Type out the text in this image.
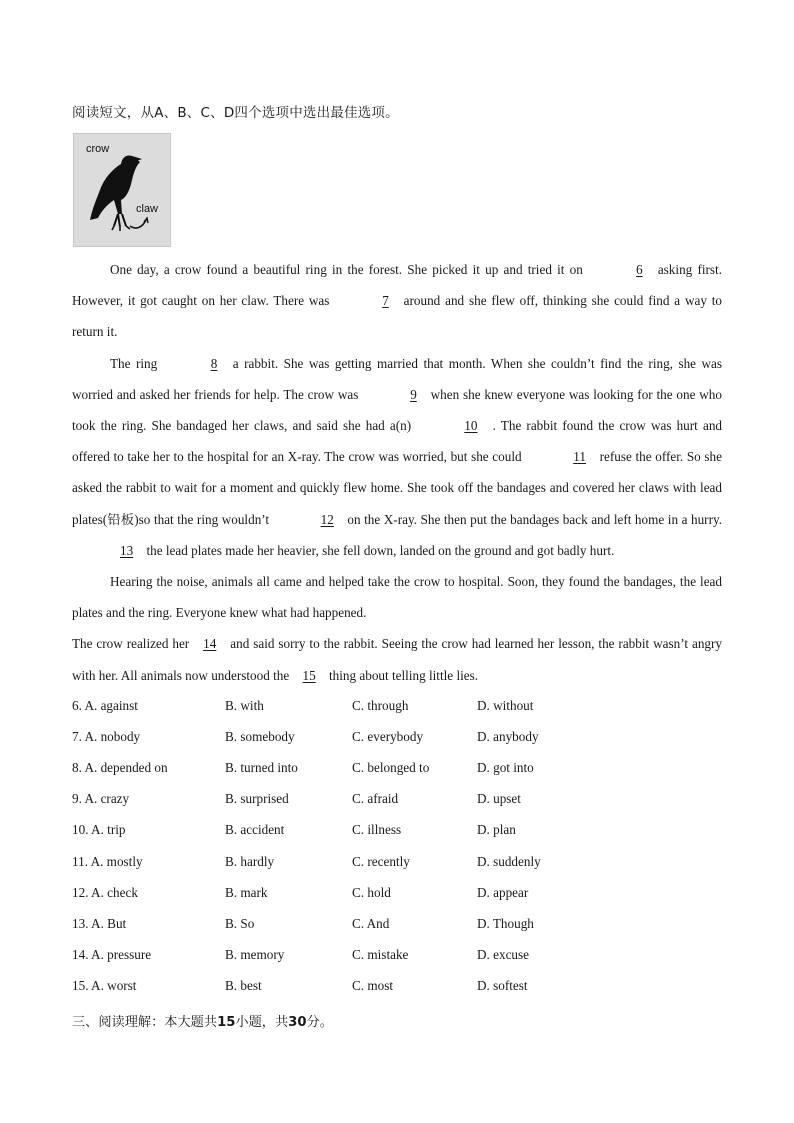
阅读短文，从A、B、C、D四个选项中选出最佳选项。
crow
claw

One day, a crow found a beautiful ring in the forest. She picked it up and tried it on	6 asking first. However, it got caught on her claw. There was	7 around and she flew off, thinking she could find a way to return it.

The ring	8 a rabbit. She was getting married that month. When she couldn’t find the ring, she was worried and asked her friends for help. The crow was	9 when she knew everyone was looking for the one who took the ring. She bandaged her claws, and said she had a(n)	10 . The rabbit found the crow was hurt and offered to take her to the hospital for an X-ray. The crow was worried, but she could	11 refuse the offer. So she asked the rabbit to wait for a moment and quickly flew home. She took off the bandages and covered her claws with lead plates(铅板)so that the ring wouldn’t	12 on the X-ray. She then put the bandages back and left home in a hurry. 13 the lead plates made her heavier, she fell down, landed on the ground and got badly hurt.

Hearing the noise, animals all came and helped take the crow to hospital. Soon, they found the bandages, the lead plates and the ring. Everyone knew what had happened.

The crow realized her 14 and said sorry to the rabbit. Seeing the crow had learned her lesson, the rabbit wasn’t angry with her. All animals now understood the 15 thing about telling little lies.

6. A. against	B. with	C. through	D. without
7. A. nobody	B. somebody	C. everybody	D. anybody
8. A. depended on	B. turned into	C. belonged to	D. got into
9. A. crazy	B. surprised	C. afraid	D. upset
10. A. trip	B. accident	C. illness	D. plan
11. A. mostly	B. hardly	C. recently	D. suddenly
12. A. check	B. mark	C. hold	D. appear
13. A. But	B. So	C. And	D. Though
14. A. pressure	B. memory	C. mistake	D. excuse
15. A. worst	B. best	C. most	D. softest
三、阅读理解：本大题共15小题，共30分。
